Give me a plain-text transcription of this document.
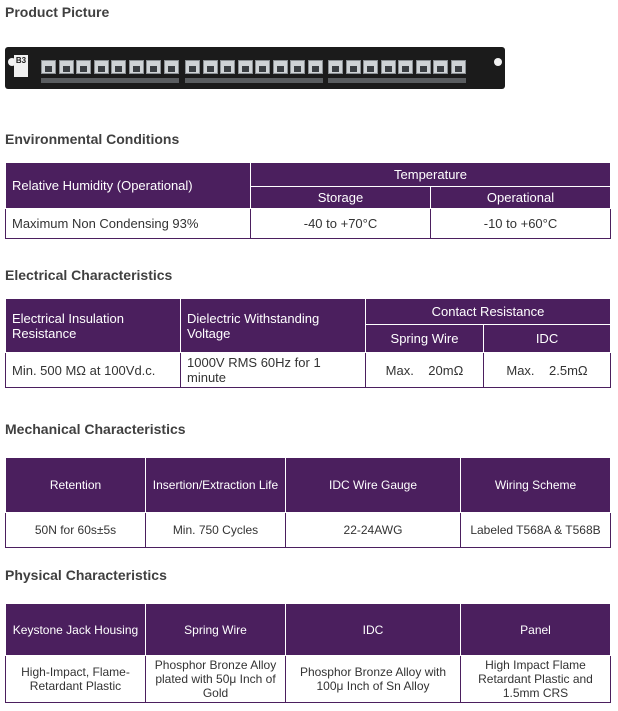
Product Picture
B3
Environmental Conditions
Relative Humidity (Operational)	Temperature	
	Storage	Operational
Maximum Non Condensing 93%	-40 to +70°C	-10 to +60°C
Electrical Characteristics
Electrical Insulation Resistance	Dielectric Withstanding Voltage	Contact Resistance	
		Spring Wire	IDC
Min. 500 MΩ at 100Vd.c.	1000V RMS 60Hz for 1 minute	Max.    20mΩ	Max.    2.5mΩ
Mechanical Characteristics
Retention	Insertion/Extraction Life	IDC Wire Gauge	Wiring Scheme
50N for 60s±5s	Min. 750 Cycles	22-24AWG	Labeled T568A & T568B
Physical Characteristics
Keystone Jack Housing	Spring Wire	IDC	Panel
High-Impact, Flame-Retardant Plastic	Phosphor Bronze Alloy plated with 50μ Inch of Gold	Phosphor Bronze Alloy with 100μ Inch of Sn Alloy	High Impact Flame Retardant Plastic and 1.5mm CRS
